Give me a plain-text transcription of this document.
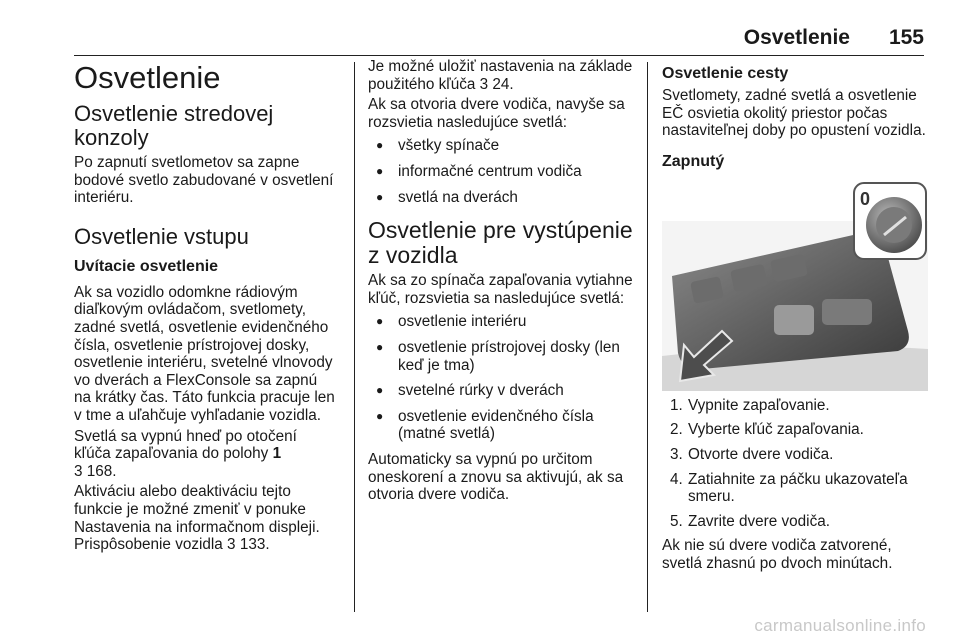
Osvetlenie 155
Osvetlenie
Osvetlenie stredovej konzoly

Po zapnutí svetlometov sa zapne bodové svetlo zabudované v osvetlení interiéru.

Osvetlenie vstupu
Uvítacie osvetlenie

Ak sa vozidlo odomkne rádiovým diaľkovým ovládačom, svetlomety, zadné svetlá, osvetlenie evidenčného čísla, osvetlenie prístrojovej dosky, osvetlenie interiéru, svetelné vlnovody vo dverách a FlexConsole sa zapnú na krátky čas. Táto funkcia pracuje len v tme a uľahčuje vyhľadanie vozidla.

Svetlá sa vypnú hneď po otočení kľúča zapaľovania do polohy 1
3 168.

Aktiváciu alebo deaktiváciu tejto funkcie je možné zmeniť v ponuke Nastavenia na informačnom displeji. Prispôsobenie vozidla 3 133.

Je možné uložiť nastavenia na základe použitého kľúča 3 24.

Ak sa otvoria dvere vodiča, navyše sa rozsvietia nasledujúce svetlá:

● všetky spínače
● informačné centrum vodiča
● svetlá na dverách
Osvetlenie pre vystúpenie z vozidla

Ak sa zo spínača zapaľovania vytiahne kľúč, rozsvietia sa nasledujúce svetlá:

● osvetlenie interiéru
● osvetlenie prístrojovej dosky (len keď je tma)
● svetelné rúrky v dverách
● osvetlenie evidenčného čísla (matné svetlá)

Automaticky sa vypnú po určitom oneskorení a znovu sa aktivujú, ak sa otvoria dvere vodiča.

Osvetlenie cesty

Svetlomety, zadné svetlá a osvetlenie EČ osvietia okolitý priestor počas nastaviteľnej doby po opustení vozidla.

Zapnutý
0
1. Vypnite zapaľovanie.
2. Vyberte kľúč zapaľovania.
3. Otvorte dvere vodiča.
4. Zatiahnite za páčku ukazovateľa smeru.
5. Zavrite dvere vodiča.

Ak nie sú dvere vodiča zatvorené, svetlá zhasnú po dvoch minútach.

carmanualsonline.info
